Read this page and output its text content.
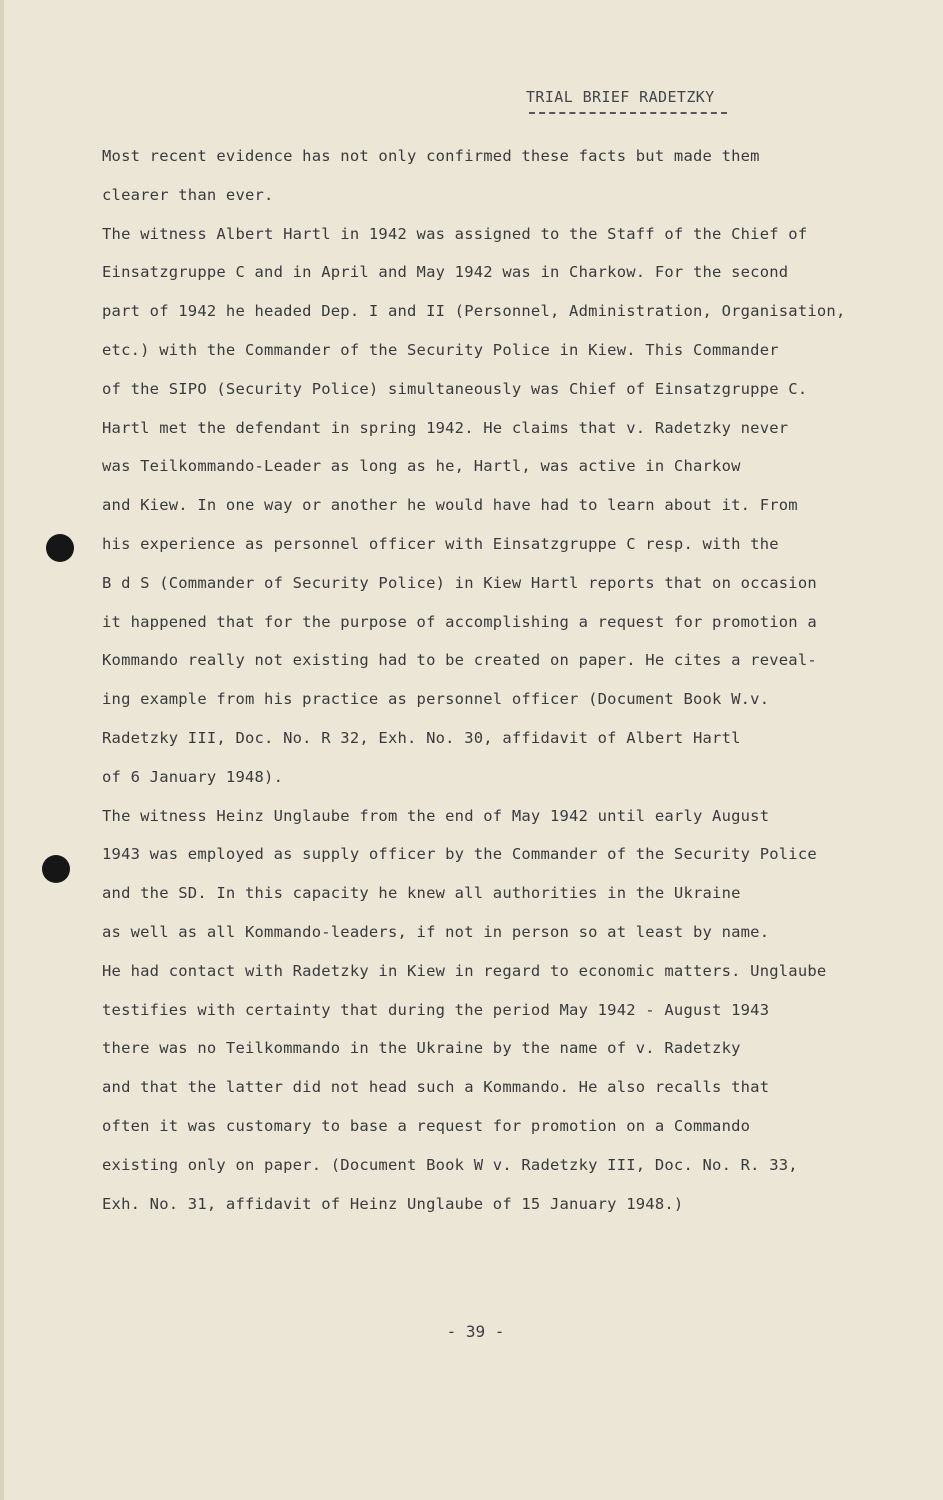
TRIAL BRIEF RADETZKY
Most recent evidence has not only confirmed these facts but made them
clearer than ever.
The witness Albert Hartl in 1942 was assigned to the Staff of the Chief of
Einsatzgruppe C and in April and May 1942 was in Charkow. For the second
part of 1942 he headed Dep. I and II (Personnel, Administration, Organisation,
etc.) with the Commander of the Security Police in Kiew. This Commander
of the SIPO (Security Police) simultaneously was Chief of Einsatzgruppe C.
Hartl met the defendant in spring 1942. He claims that v. Radetzky never
was Teilkommando-Leader as long as he, Hartl, was active in Charkow
and Kiew. In one way or another he would have had to learn about it. From
his experience as personnel officer with Einsatzgruppe C resp. with the
B d S (Commander of Security Police) in Kiew Hartl reports that on occasion
it happened that for the purpose of accomplishing a request for promotion a
Kommando really not existing had to be created on paper. He cites a reveal-
ing example from his practice as personnel officer (Document Book W.v.
Radetzky III, Doc. No. R 32, Exh. No. 30, affidavit of Albert Hartl
of 6 January 1948).
The witness Heinz Unglaube from the end of May 1942 until early August
1943 was employed as supply officer by the Commander of the Security Police
and the SD. In this capacity he knew all authorities in the Ukraine
as well as all Kommando-leaders, if not in person so at least by name.
He had contact with Radetzky in Kiew in regard to economic matters. Unglaube
testifies with certainty that during the period May 1942 - August 1943
there was no Teilkommando in the Ukraine by the name of v. Radetzky
and that the latter did not head such a Kommando. He also recalls that
often it was customary to base a request for promotion on a Commando
existing only on paper. (Document Book W v. Radetzky III, Doc. No. R. 33,
Exh. No. 31, affidavit of Heinz Unglaube of 15 January 1948.)
- 39 -
